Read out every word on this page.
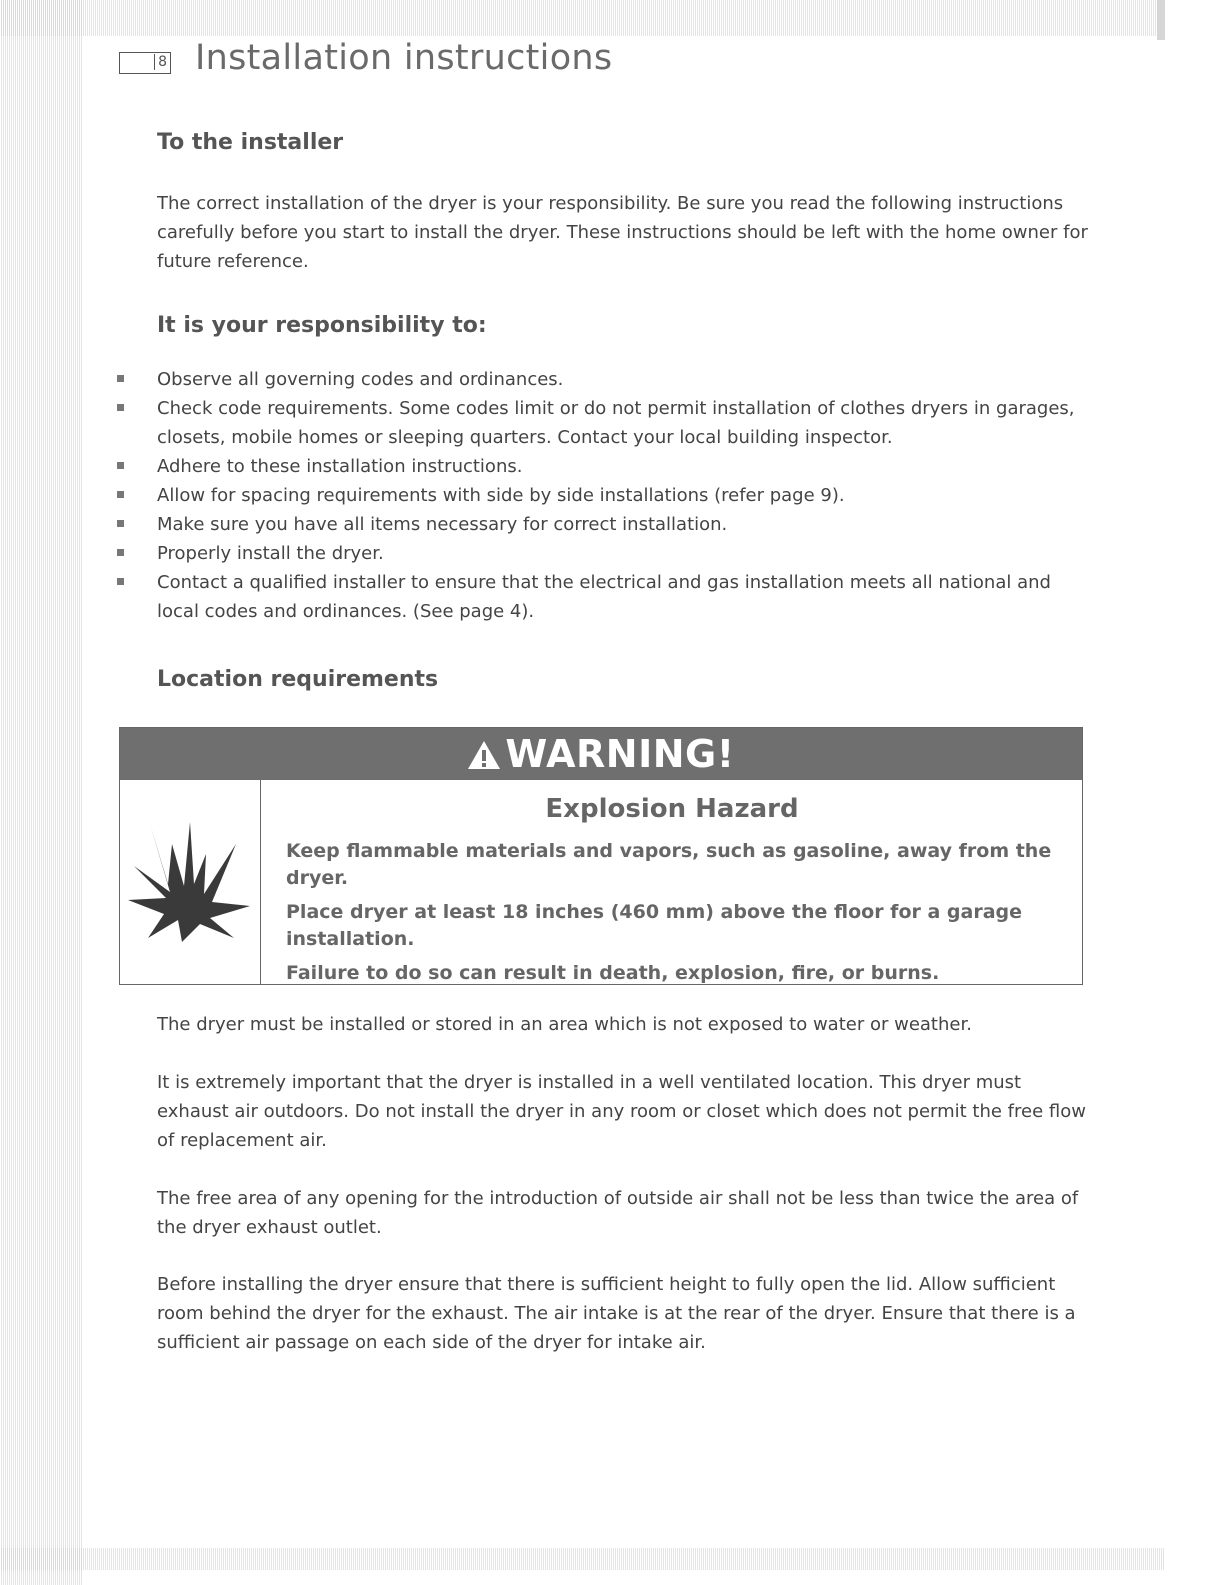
8 Installation instructions
To the installer
The correct installation of the dryer is your responsibility. Be sure you read the following instructions carefully before you start to install the dryer. These instructions should be left with the home owner for future reference.
It is your responsibility to:
Observe all governing codes and ordinances.
Check code requirements. Some codes limit or do not permit installation of clothes dryers in garages, closets, mobile homes or sleeping quarters. Contact your local building inspector.
Adhere to these installation instructions.
Allow for spacing requirements with side by side installations (refer page 9).
Make sure you have all items necessary for correct installation.
Properly install the dryer.
Contact a qualified installer to ensure that the electrical and gas installation meets all national and local codes and ordinances. (See page 4).
Location requirements
WARNING!
Explosion Hazard

Keep flammable materials and vapors, such as gasoline, away from the dryer.

Place dryer at least 18 inches (460 mm) above the floor for a garage installation.

Failure to do so can result in death, explosion, fire, or burns.

The dryer must be installed or stored in an area which is not exposed to water or weather.
It is extremely important that the dryer is installed in a well ventilated location. This dryer must exhaust air outdoors. Do not install the dryer in any room or closet which does not permit the free flow of replacement air.
The free area of any opening for the introduction of outside air shall not be less than twice the area of the dryer exhaust outlet.
Before installing the dryer ensure that there is sufficient height to fully open the lid. Allow sufficient room behind the dryer for the exhaust. The air intake is at the rear of the dryer. Ensure that there is a sufficient air passage on each side of the dryer for intake air.
